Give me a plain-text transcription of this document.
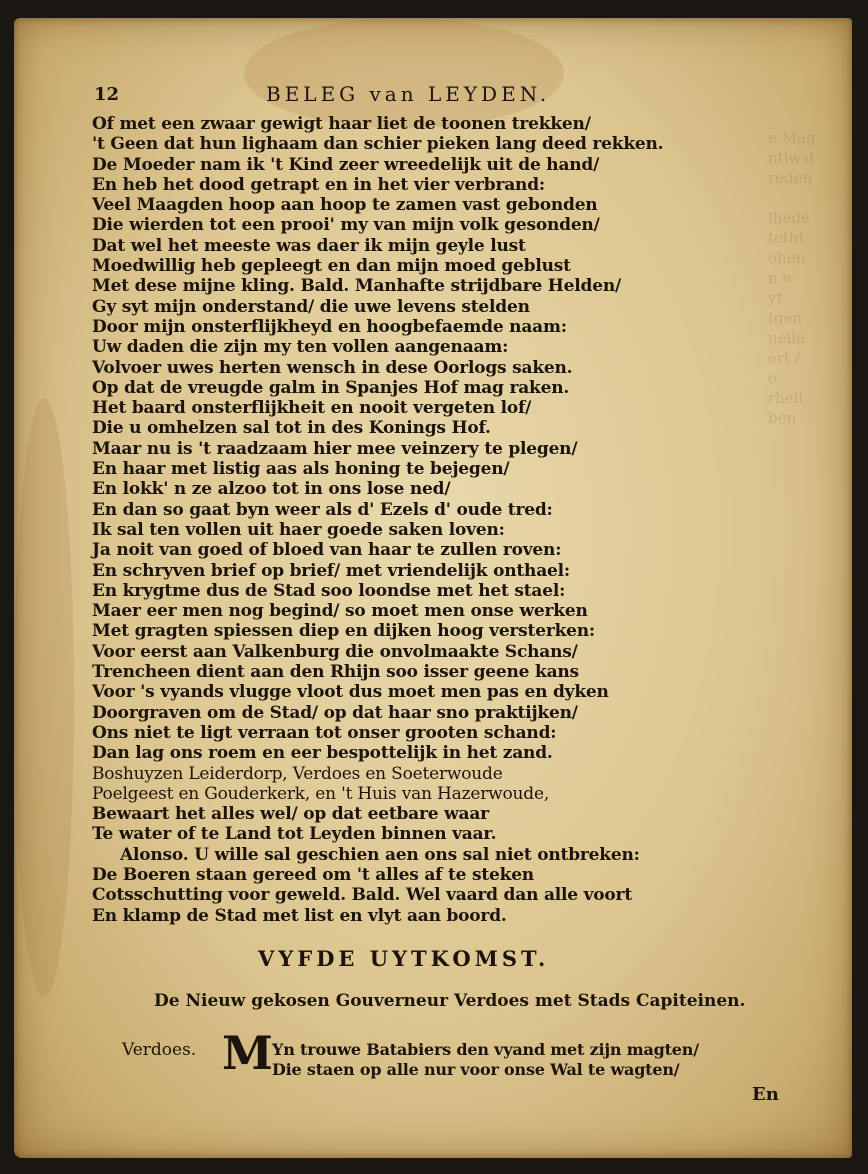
e Mag
ntiwst
reden
:
lhede
tetht
ohen
n e
yt
tgen
uelle
ert /
o
rheit
ben
12	BELEG van LEYDEN.
Of met een zwaar gewigt haar liet de toonen trekken/
't Geen dat hun lighaam dan schier pieken lang deed rekken.
De Moeder nam ik 't Kind zeer wreedelijk uit de hand/
En heb het dood getrapt en in het vier verbrand:
Veel Maagden hoop aan hoop te zamen vast gebonden
Die wierden tot een prooi' my van mijn volk gesonden/
Dat wel het meeste was daer ik mijn geyle lust
Moedwillig heb gepleegt en dan mijn moed geblust
Met dese mijne kling. Bald. Manhafte strijdbare Helden/
Gy syt mijn onderstand/ die uwe levens stelden
Door mijn onsterflijkheyd en hoogbefaemde naam:
Uw daden die zijn my ten vollen aangenaam:
Volvoer uwes herten wensch in dese Oorlogs saken.
Op dat de vreugde galm in Spanjes Hof mag raken.
Het baard onsterflijkheit en nooit vergeten lof/
Die u omhelzen sal tot in des Konings Hof.
Maar nu is 't raadzaam hier mee veinzery te plegen/
En haar met listig aas als honing te bejegen/
En lokk' n ze alzoo tot in ons lose ned/
En dan so gaat byn weer als d' Ezels d' oude tred:
Ik sal ten vollen uit haer goede saken loven:
Ja noit van goed of bloed van haar te zullen roven:
En schryven brief op brief/ met vriendelijk onthael:
En krygtme dus de Stad soo loondse met het stael:
Maer eer men nog begind/ so moet men onse werken
Met gragten spiessen diep en dijken hoog versterken:
Voor eerst aan Valkenburg die onvolmaakte Schans/
Trencheen dient aan den Rhijn soo isser geene kans
Voor 's vyands vlugge vloot dus moet men pas en dyken
Doorgraven om de Stad/ op dat haar sno praktijken/
Ons niet te ligt verraan tot onser grooten schand:
Dan lag ons roem en eer bespottelijk in het zand.
Boshuyzen Leiderdorp, Verdoes en Soeterwoude
Poelgeest en Gouderkerk, en 't Huis van Hazerwoude,
Bewaart het alles wel/ op dat eetbare waar
Te water of te Land tot Leyden binnen vaar.
Alonso. U wille sal geschien aen ons sal niet ontbreken:
De Boeren staan gereed om 't alles af te steken
Cotsschutting voor geweld. Bald. Wel vaard dan alle voort
En klamp de Stad met list en vlyt aan boord.
VYFDE UYTKOMST.
De Nieuw gekosen Gouverneur Verdoes met Stads Capiteinen.
Verdoes. M Yn trouwe Batabiers den vyand met zijn magten/
Die staen op alle nur voor onse Wal te wagten/
En
